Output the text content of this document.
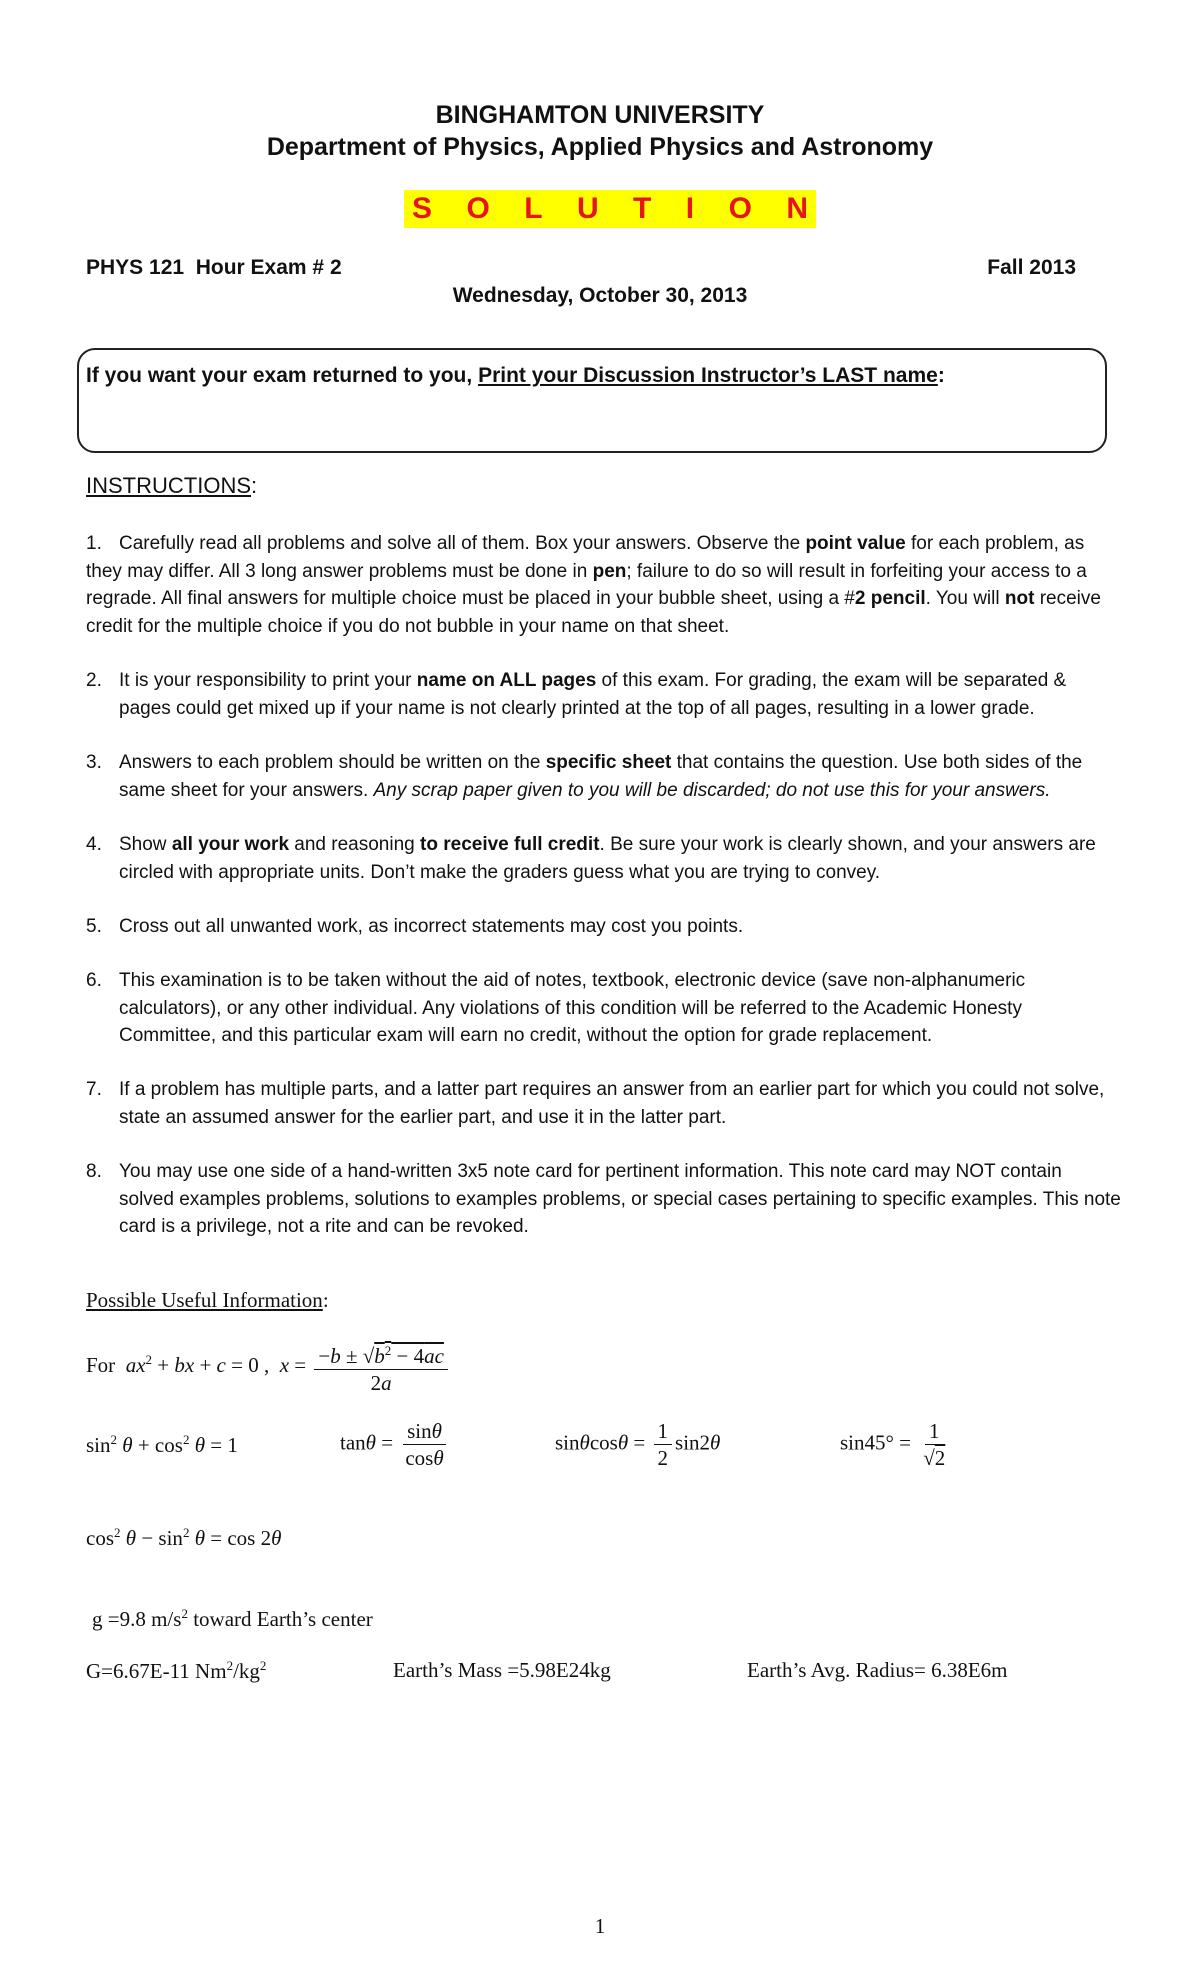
BINGHAMTON UNIVERSITY
Department of Physics, Applied Physics and Astronomy
S O L U T I O N
PHYS 121  Hour Exam # 2	Fall 2013
Wednesday, October 30, 2013
If you want your exam returned to you, Print your Discussion Instructor’s LAST name:
INSTRUCTIONS:
1. Carefully read all problems and solve all of them. Box your answers. Observe the point value for each problem, as they may differ. All 3 long answer problems must be done in pen; failure to do so will result in forfeiting your access to a regrade. All final answers for multiple choice must be placed in your bubble sheet, using a #2 pencil. You will not receive credit for the multiple choice if you do not bubble in your name on that sheet.
2. It is your responsibility to print your name on ALL pages of this exam. For grading, the exam will be separated & pages could get mixed up if your name is not clearly printed at the top of all pages, resulting in a lower grade.
3. Answers to each problem should be written on the specific sheet that contains the question. Use both sides of the same sheet for your answers. Any scrap paper given to you will be discarded; do not use this for your answers.
4. Show all your work and reasoning to receive full credit. Be sure your work is clearly shown, and your answers are circled with appropriate units. Don’t make the graders guess what you are trying to convey.
5. Cross out all unwanted work, as incorrect statements may cost you points.
6. This examination is to be taken without the aid of notes, textbook, electronic device (save non-alphanumeric calculators), or any other individual. Any violations of this condition will be referred to the Academic Honesty Committee, and this particular exam will earn no credit, without the option for grade replacement.
7. If a problem has multiple parts, and a latter part requires an answer from an earlier part for which you could not solve, state an assumed answer for the earlier part, and use it in the latter part.
8. You may use one side of a hand-written 3x5 note card for pertinent information. This note card may NOT contain solved examples problems, solutions to examples problems, or special cases pertaining to specific examples. This note card is a privilege, not a rite and can be revoked.
Possible Useful Information:
For $ax^2$ + bx + c = 0 ,  $x = \frac{-b \pm √b^2 - 4ac}{2a}$
$\sin^2 \theta + \cos^2 \theta = 1$	$\tan\theta = \frac{\sin\theta}{\cos\theta}$	$\sin\theta\cos\theta = \frac{1}{2} \sin 2\theta$	$\sin 45^\circ = \frac{1}{√2}$
$\cos^2 \theta - \sin^2 \theta = \cos 2\theta$
g =9.8 $m/s^2$ toward Earth’s center
G=6.67E-11 $Nm^2/kg^2$	Earth’s Mass =5.98E24kg	Earth’s Avg. Radius= 6.38E6m
1
